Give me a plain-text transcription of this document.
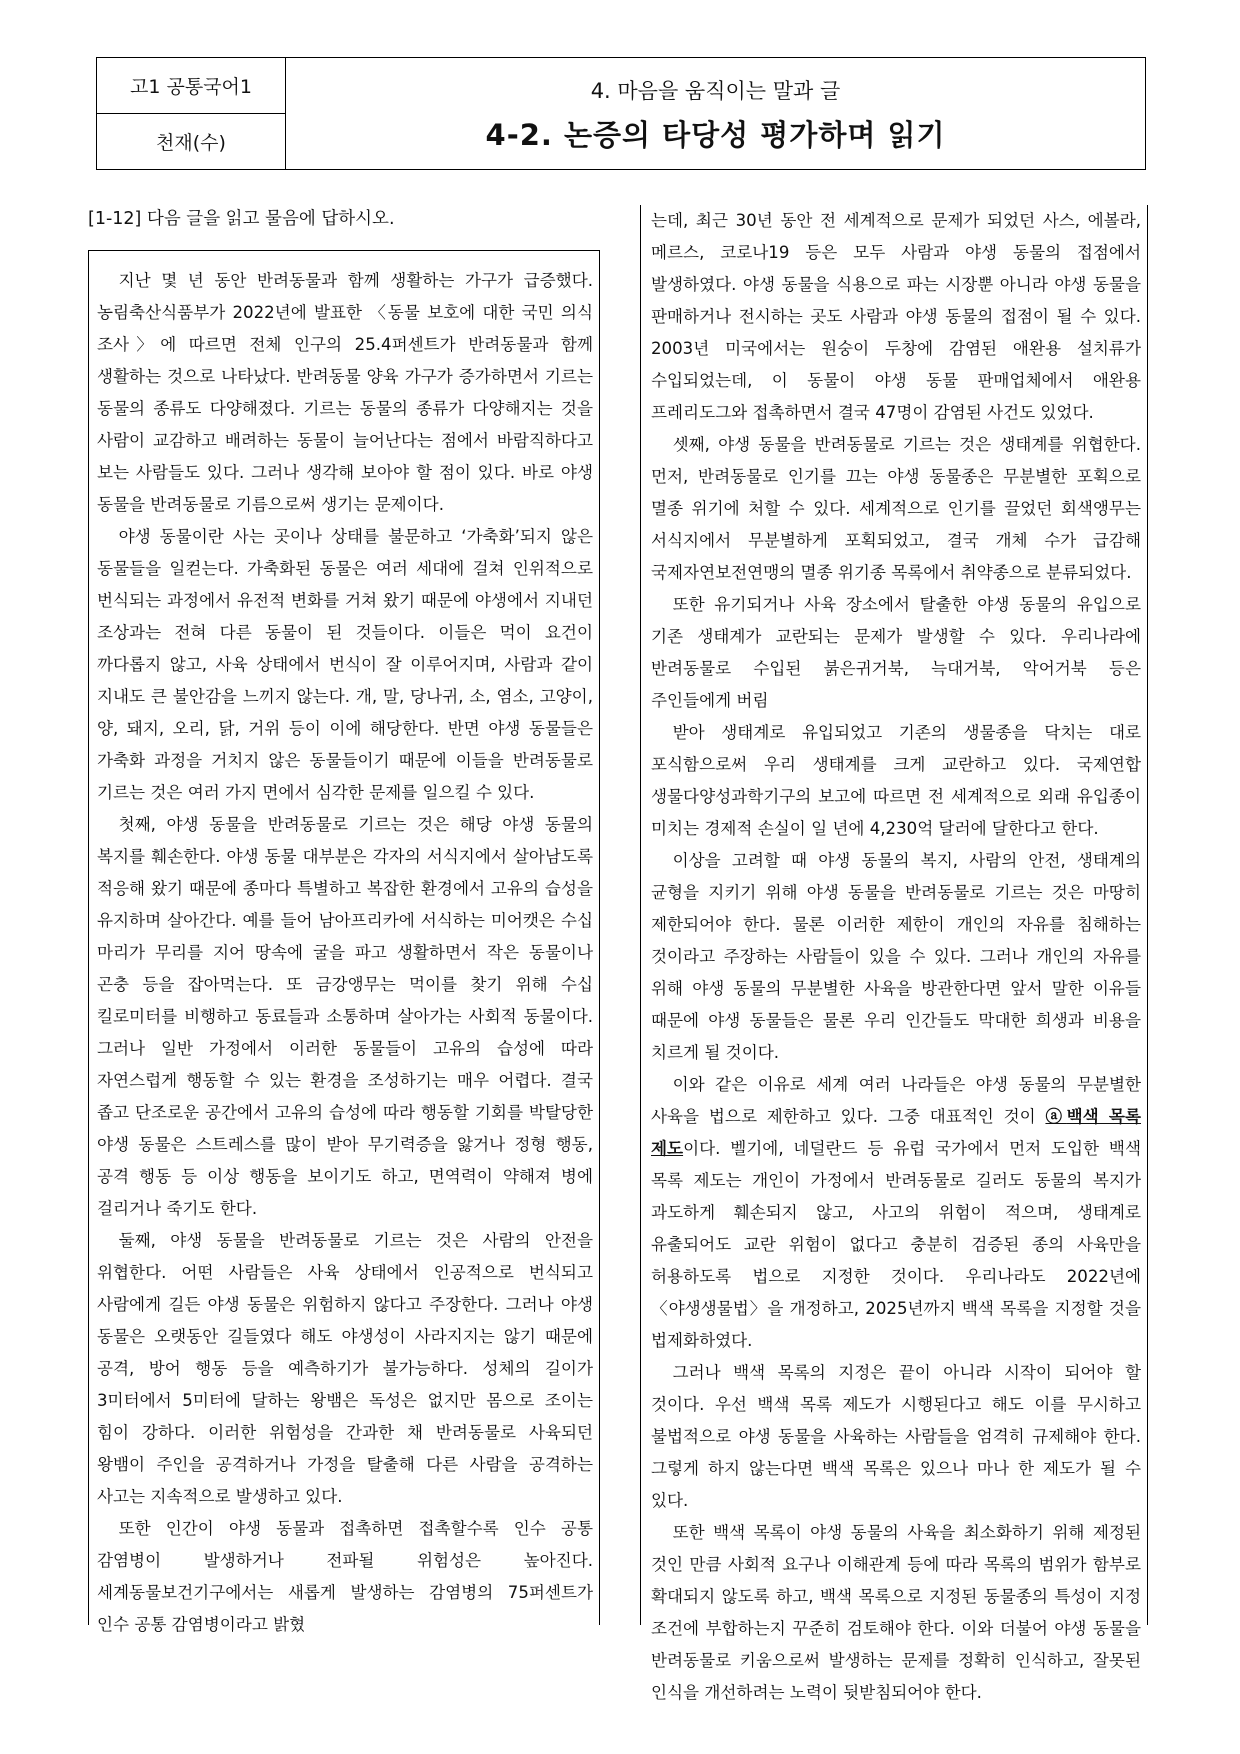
고1 공통국어1
천재(수)
4. 마음을 움직이는 말과 글
4-2. 논증의 타당성 평가하며 읽기
[1-12] 다음 글을 읽고 물음에 답하시오.

지난 몇 년 동안 반려동물과 함께 생활하는 가구가 급증했다. 농림축산식품부가 2022년에 발표한 〈동물 보호에 대한 국민 의식 조사〉에 따르면 전체 인구의 25.4퍼센트가 반려동물과 함께 생활하는 것으로 나타났다. 반려동물 양육 가구가 증가하면서 기르는 동물의 종류도 다양해졌다. 기르는 동물의 종류가 다양해지는 것을 사람이 교감하고 배려하는 동물이 늘어난다는 점에서 바람직하다고 보는 사람들도 있다. 그러나 생각해 보아야 할 점이 있다. 바로 야생 동물을 반려동물로 기름으로써 생기는 문제이다.

야생 동물이란 사는 곳이나 상태를 불문하고 ‘가축화’되지 않은 동물들을 일컫는다. 가축화된 동물은 여러 세대에 걸쳐 인위적으로 번식되는 과정에서 유전적 변화를 거쳐 왔기 때문에 야생에서 지내던 조상과는 전혀 다른 동물이 된 것들이다. 이들은 먹이 요건이 까다롭지 않고, 사육 상태에서 번식이 잘 이루어지며, 사람과 같이 지내도 큰 불안감을 느끼지 않는다. 개, 말, 당나귀, 소, 염소, 고양이, 양, 돼지, 오리, 닭, 거위 등이 이에 해당한다. 반면 야생 동물들은 가축화 과정을 거치지 않은 동물들이기 때문에 이들을 반려동물로 기르는 것은 여러 가지 면에서 심각한 문제를 일으킬 수 있다.

첫째, 야생 동물을 반려동물로 기르는 것은 해당 야생 동물의 복지를 훼손한다. 야생 동물 대부분은 각자의 서식지에서 살아남도록 적응해 왔기 때문에 종마다 특별하고 복잡한 환경에서 고유의 습성을 유지하며 살아간다. 예를 들어 남아프리카에 서식하는 미어캣은 수십 마리가 무리를 지어 땅속에 굴을 파고 생활하면서 작은 동물이나 곤충 등을 잡아먹는다. 또 금강앵무는 먹이를 찾기 위해 수십 킬로미터를 비행하고 동료들과 소통하며 살아가는 사회적 동물이다. 그러나 일반 가정에서 이러한 동물들이 고유의 습성에 따라 자연스럽게 행동할 수 있는 환경을 조성하기는 매우 어렵다. 결국 좁고 단조로운 공간에서 고유의 습성에 따라 행동할 기회를 박탈당한 야생 동물은 스트레스를 많이 받아 무기력증을 앓거나 정형 행동, 공격 행동 등 이상 행동을 보이기도 하고, 면역력이 약해져 병에 걸리거나 죽기도 한다.

둘째, 야생 동물을 반려동물로 기르는 것은 사람의 안전을 위협한다. 어떤 사람들은 사육 상태에서 인공적으로 번식되고 사람에게 길든 야생 동물은 위험하지 않다고 주장한다. 그러나 야생 동물은 오랫동안 길들였다 해도 야생성이 사라지지는 않기 때문에 공격, 방어 행동 등을 예측하기가 불가능하다. 성체의 길이가 3미터에서 5미터에 달하는 왕뱀은 독성은 없지만 몸으로 조이는 힘이 강하다. 이러한 위험성을 간과한 채 반려동물로 사육되던 왕뱀이 주인을 공격하거나 가정을 탈출해 다른 사람을 공격하는 사고는 지속적으로 발생하고 있다.

또한 인간이 야생 동물과 접촉하면 접촉할수록 인수 공통 감염병이 발생하거나 전파될 위험성은 높아진다. 세계동물보건기구에서는 새롭게 발생하는 감염병의 75퍼센트가 인수 공통 감염병이라고 밝혔

는데, 최근 30년 동안 전 세계적으로 문제가 되었던 사스, 에볼라, 메르스, 코로나19 등은 모두 사람과 야생 동물의 접점에서 발생하였다. 야생 동물을 식용으로 파는 시장뿐 아니라 야생 동물을 판매하거나 전시하는 곳도 사람과 야생 동물의 접점이 될 수 있다. 2003년 미국에서는 원숭이 두창에 감염된 애완용 설치류가 수입되었는데, 이 동물이 야생 동물 판매업체에서 애완용 프레리도그와 접촉하면서 결국 47명이 감염된 사건도 있었다.

셋째, 야생 동물을 반려동물로 기르는 것은 생태계를 위협한다. 먼저, 반려동물로 인기를 끄는 야생 동물종은 무분별한 포획으로 멸종 위기에 처할 수 있다. 세계적으로 인기를 끌었던 회색앵무는 서식지에서 무분별하게 포획되었고, 결국 개체 수가 급감해 국제자연보전연맹의 멸종 위기종 목록에서 취약종으로 분류되었다.

또한 유기되거나 사육 장소에서 탈출한 야생 동물의 유입으로 기존 생태계가 교란되는 문제가 발생할 수 있다. 우리나라에 반려동물로 수입된 붉은귀거북, 늑대거북, 악어거북 등은 주인들에게 버림

받아 생태계로 유입되었고 기존의 생물종을 닥치는 대로 포식함으로써 우리 생태계를 크게 교란하고 있다. 국제연합 생물다양성과학기구의 보고에 따르면 전 세계적으로 외래 유입종이 미치는 경제적 손실이 일 년에 4,230억 달러에 달한다고 한다.

이상을 고려할 때 야생 동물의 복지, 사람의 안전, 생태계의 균형을 지키기 위해 야생 동물을 반려동물로 기르는 것은 마땅히 제한되어야 한다. 물론 이러한 제한이 개인의 자유를 침해하는 것이라고 주장하는 사람들이 있을 수 있다. 그러나 개인의 자유를 위해 야생 동물의 무분별한 사육을 방관한다면 앞서 말한 이유들 때문에 야생 동물들은 물론 우리 인간들도 막대한 희생과 비용을 치르게 될 것이다.

이와 같은 이유로 세계 여러 나라들은 야생 동물의 무분별한 사육을 법으로 제한하고 있다. 그중 대표적인 것이 ⓐ백색 목록 제도이다. 벨기에, 네덜란드 등 유럽 국가에서 먼저 도입한 백색 목록 제도는 개인이 가정에서 반려동물로 길러도 동물의 복지가 과도하게 훼손되지 않고, 사고의 위험이 적으며, 생태계로 유출되어도 교란 위험이 없다고 충분히 검증된 종의 사육만을 허용하도록 법으로 지정한 것이다. 우리나라도 2022년에 〈야생생물법〉을 개정하고, 2025년까지 백색 목록을 지정할 것을 법제화하였다.

그러나 백색 목록의 지정은 끝이 아니라 시작이 되어야 할 것이다. 우선 백색 목록 제도가 시행된다고 해도 이를 무시하고 불법적으로 야생 동물을 사육하는 사람들을 엄격히 규제해야 한다. 그렇게 하지 않는다면 백색 목록은 있으나 마나 한 제도가 될 수 있다.

또한 백색 목록이 야생 동물의 사육을 최소화하기 위해 제정된 것인 만큼 사회적 요구나 이해관계 등에 따라 목록의 범위가 함부로 확대되지 않도록 하고, 백색 목록으로 지정된 동물종의 특성이 지정 조건에 부합하는지 꾸준히 검토해야 한다. 이와 더불어 야생 동물을 반려동물로 키움으로써 발생하는 문제를 정확히 인식하고, 잘못된 인식을 개선하려는 노력이 뒷받침되어야 한다.
